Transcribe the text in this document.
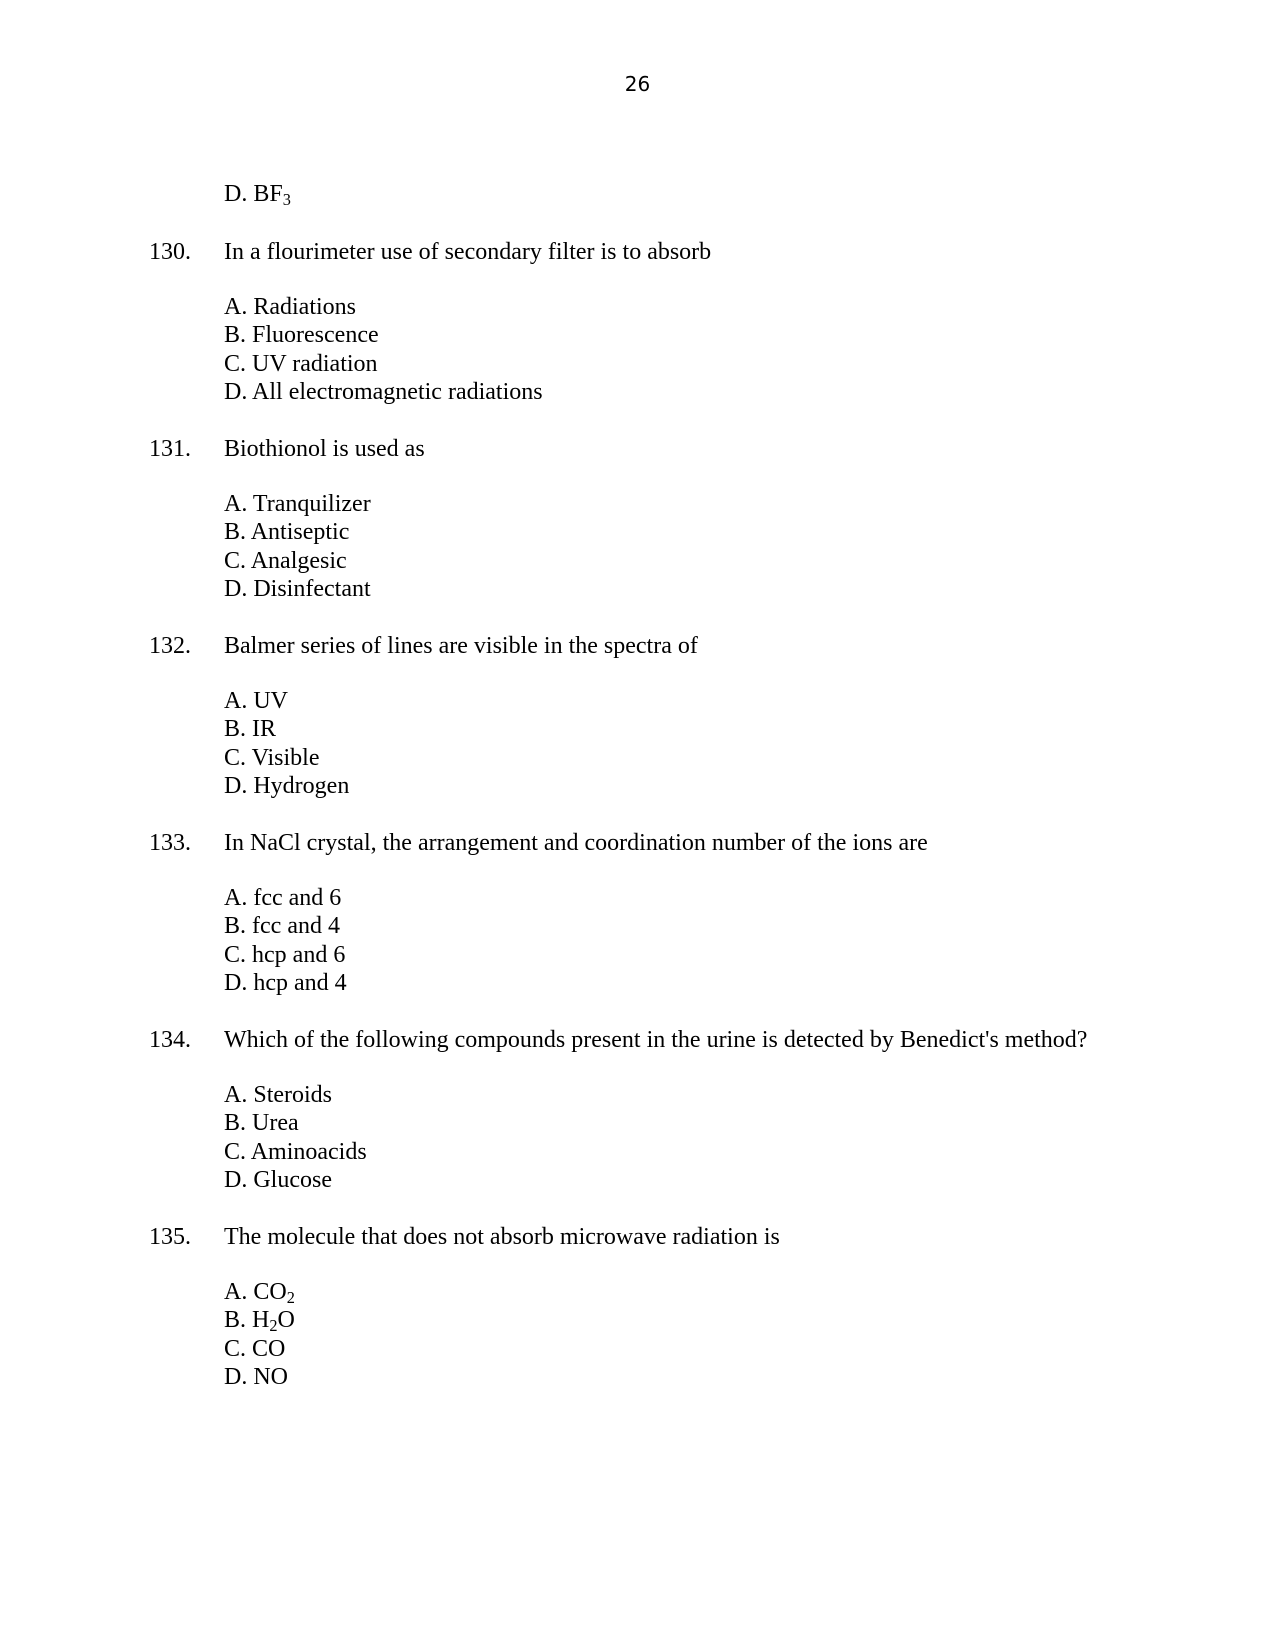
26
D. $BF_3$
130. In a flourimeter use of secondary filter is to absorb
A. Radiations
B. Fluorescence
C. UV radiation
D. All electromagnetic radiations
131. Biothionol is used as
A. Tranquilizer
B. Antiseptic
C. Analgesic
D. Disinfectant
132. Balmer series of lines are visible in the spectra of
A. UV
B. IR
C. Visible
D. Hydrogen
133. In NaCl crystal, the arrangement and coordination number of the ions are
A. fcc and 6
B. fcc and 4
C. hcp and 6
D. hcp and 4
134. Which of the following compounds present in the urine is detected by Benedict's method?
A. Steroids
B. Urea
C. Aminoacids
D. Glucose
135. The molecule that does not absorb microwave radiation is
A. $CO_2$
B. $H_2O$
C. CO
D. NO
